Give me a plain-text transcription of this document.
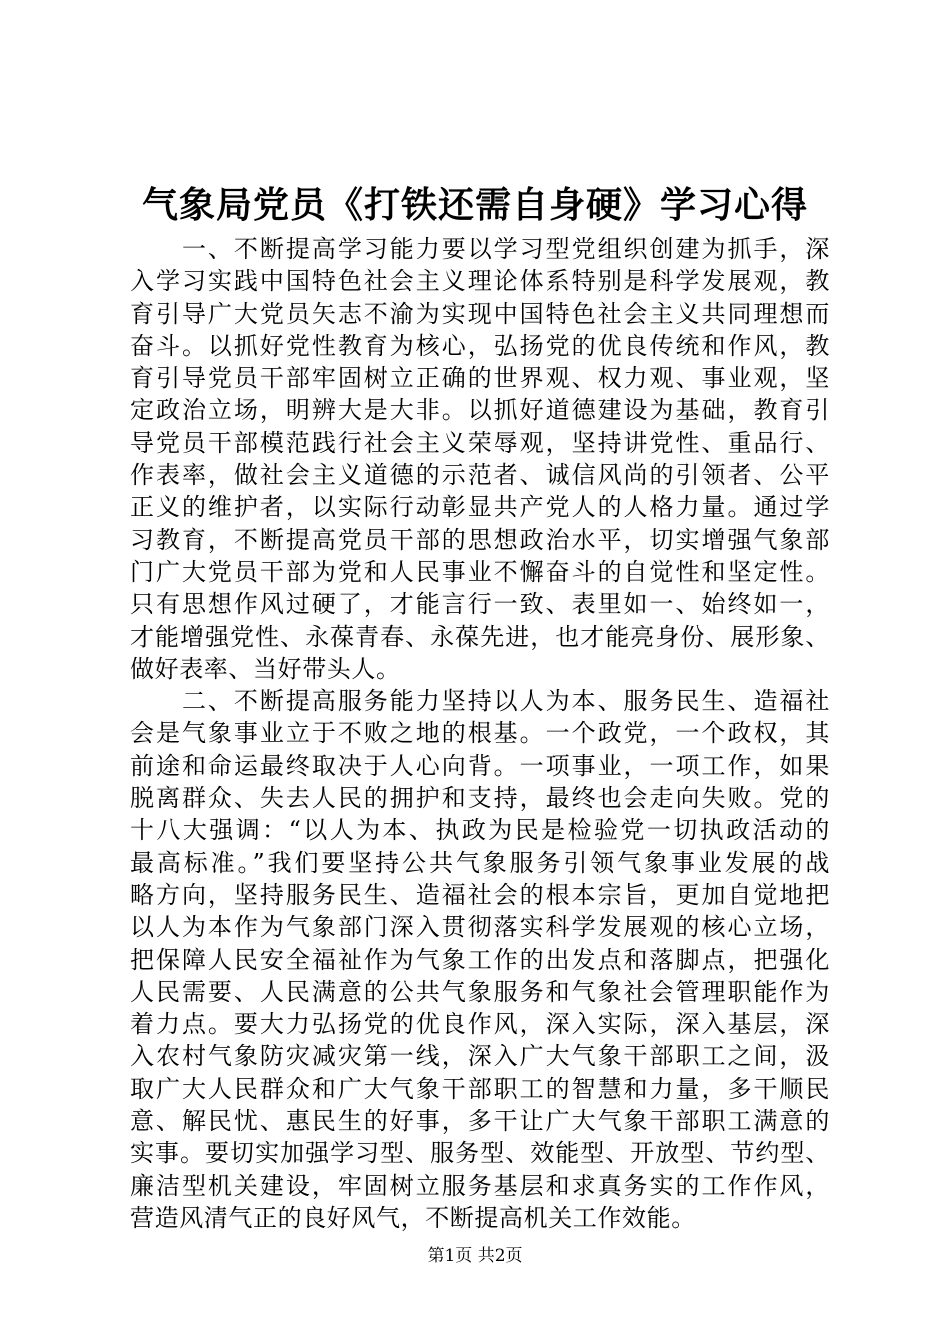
气象局党员《打铁还需自身硬》学习心得
　　一、不断提高学习能力要以学习型党组织创建为抓手，深
入学习实践中国特色社会主义理论体系特别是科学发展观，教
育引导广大党员矢志不渝为实现中国特色社会主义共同理想而
奋斗。以抓好党性教育为核心，弘扬党的优良传统和作风，教
育引导党员干部牢固树立正确的世界观、权力观、事业观，坚
定政治立场，明辨大是大非。以抓好道德建设为基础，教育引
导党员干部模范践行社会主义荣辱观，坚持讲党性、重品行、
作表率，做社会主义道德的示范者、诚信风尚的引领者、公平
正义的维护者，以实际行动彰显共产党人的人格力量。通过学
习教育，不断提高党员干部的思想政治水平，切实增强气象部
门广大党员干部为党和人民事业不懈奋斗的自觉性和坚定性。
只有思想作风过硬了，才能言行一致、表里如一、始终如一，
才能增强党性、永葆青春、永葆先进，也才能亮身份、展形象、
做好表率、当好带头人。
　　二、不断提高服务能力坚持以人为本、服务民生、造福社
会是气象事业立于不败之地的根基。一个政党，一个政权，其
前途和命运最终取决于人心向背。一项事业，一项工作，如果
脱离群众、失去人民的拥护和支持，最终也会走向失败。党的
十八大强调：“以人为本、执政为民是检验党一切执政活动的
最高标准。”我们要坚持公共气象服务引领气象事业发展的战
略方向，坚持服务民生、造福社会的根本宗旨，更加自觉地把
以人为本作为气象部门深入贯彻落实科学发展观的核心立场，
把保障人民安全福祉作为气象工作的出发点和落脚点，把强化
人民需要、人民满意的公共气象服务和气象社会管理职能作为
着力点。要大力弘扬党的优良作风，深入实际，深入基层，深
入农村气象防灾减灾第一线，深入广大气象干部职工之间，汲
取广大人民群众和广大气象干部职工的智慧和力量，多干顺民
意、解民忧、惠民生的好事，多干让广大气象干部职工满意的
实事。要切实加强学习型、服务型、效能型、开放型、节约型、
廉洁型机关建设，牢固树立服务基层和求真务实的工作作风，
营造风清气正的良好风气，不断提高机关工作效能。
第1页 共2页
